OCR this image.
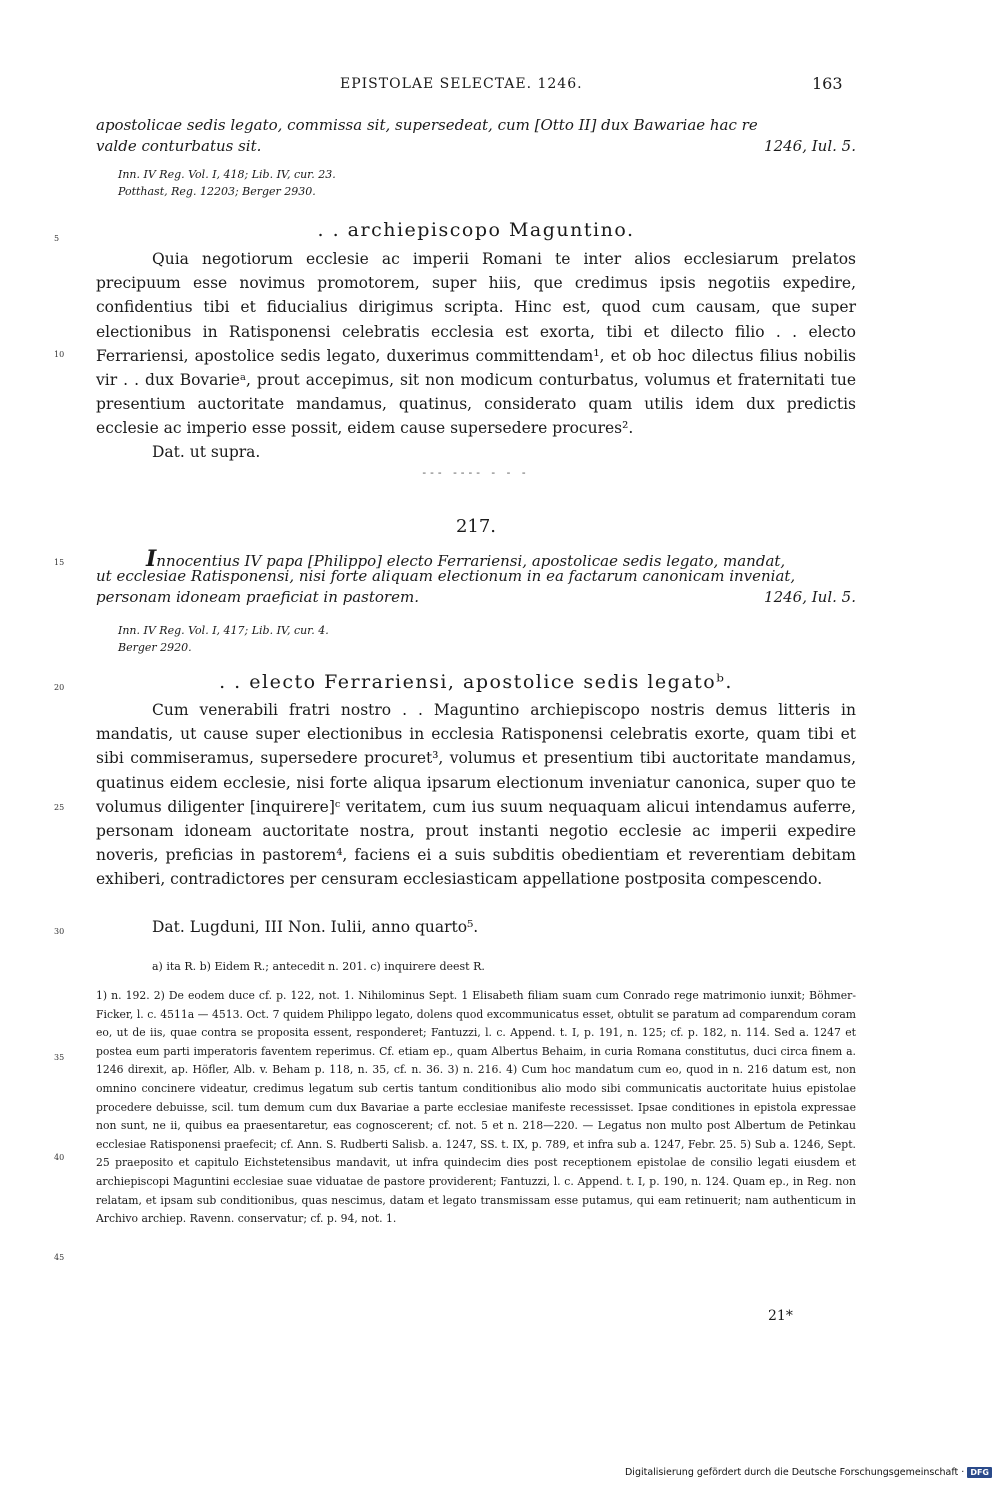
EPISTOLAE SELECTAE. 1246.	163
5
10
15
20
25
30
35
40
45
apostolicae sedis legato, commissa sit, supersedeat, cum [Otto II] dux Bawariae hac re
valde conturbatus sit.	1246, Iul. 5.
Inn. IV Reg. Vol. I, 418; Lib. IV, cur. 23.
Potthast, Reg. 12203; Berger 2930.
. . archiepiscopo Maguntino.

Quia negotiorum ecclesie ac imperii Romani te inter alios ecclesiarum prelatos precipuum esse novimus promotorem, super hiis, que credimus ipsis negotiis expedire, confidentius tibi et fiducialius dirigimus scripta. Hinc est, quod cum causam, que super electionibus in Ratisponensi celebratis ecclesia est exorta, tibi et dilecto filio . . electo Ferrariensi, apostolice sedis legato, duxerimus committendam¹, et ob hoc dilectus filius nobilis vir . . dux Bovarieᵃ, prout accepimus, sit non modicum conturbatus, volumus et fraternitati tue presentium auctoritate mandamus, quatinus, considerato quam utilis idem dux predictis ecclesie ac imperio esse possit, eidem cause supersedere procures².

Dat. ut supra.
--- ---- - - -
217.
Innocentius IV papa [Philippo] electo Ferrariensi, apostolicae sedis legato, mandat,
ut ecclesiae Ratisponensi, nisi forte aliquam electionum in ea factarum canonicam inveniat,
personam idoneam praeficiat in pastorem.	1246, Iul. 5.
Inn. IV Reg. Vol. I, 417; Lib. IV, cur. 4.
Berger 2920.
. . electo Ferrariensi, apostolice sedis legatoᵇ.

Cum venerabili fratri nostro . . Maguntino archiepiscopo nostris demus litteris in mandatis, ut cause super electionibus in ecclesia Ratisponensi celebratis exorte, quam tibi et sibi commiseramus, supersedere procuret³, volumus et presentium tibi auctoritate mandamus, quatinus eidem ecclesie, nisi forte aliqua ipsarum electionum inveniatur canonica, super quo te volumus diligenter [inquirere]ᶜ veritatem, cum ius suum nequaquam alicui intendamus auferre, personam idoneam auctoritate nostra, prout instanti negotio ecclesie ac imperii expedire noveris, preficias in pastorem⁴, faciens ei a suis subditis obedientiam et reverentiam debitam exhiberi, contradictores per censuram ecclesiasticam appellatione postposita compescendo.

Dat. Lugduni, III Non. Iulii, anno quarto⁵.
a) ita R. b) Eidem R.; antecedit n. 201. c) inquirere deest R.

1) n. 192. 2) De eodem duce cf. p. 122, not. 1. Nihilominus Sept. 1 Elisabeth filiam suam cum Conrado rege matrimonio iunxit; Böhmer-Ficker, l. c. 4511a — 4513. Oct. 7 quidem Philippo legato, dolens quod excommunicatus esset, obtulit se paratum ad comparendum coram eo, ut de iis, quae contra se proposita essent, responderet; Fantuzzi, l. c. Append. t. I, p. 191, n. 125; cf. p. 182, n. 114. Sed a. 1247 et postea eum parti imperatoris faventem reperimus. Cf. etiam ep., quam Albertus Behaim, in curia Romana constitutus, duci circa finem a. 1246 direxit, ap. Höfler, Alb. v. Beham p. 118, n. 35, cf. n. 36. 3) n. 216. 4) Cum hoc mandatum cum eo, quod in n. 216 datum est, non omnino concinere videatur, credimus legatum sub certis tantum conditionibus alio modo sibi communicatis auctoritate huius epistolae procedere debuisse, scil. tum demum cum dux Bavariae a parte ecclesiae manifeste recessisset. Ipsae conditiones in epistola expressae non sunt, ne ii, quibus ea praesentaretur, eas cognoscerent; cf. not. 5 et n. 218—220. — Legatus non multo post Albertum de Petinkau ecclesiae Ratisponensi praefecit; cf. Ann. S. Rudberti Salisb. a. 1247, SS. t. IX, p. 789, et infra sub a. 1247, Febr. 25. 5) Sub a. 1246, Sept. 25 praeposito et capitulo Eichstetensibus mandavit, ut infra quindecim dies post receptionem epistolae de consilio legati eiusdem et archiepiscopi Maguntini ecclesiae suae viduatae de pastore providerent; Fantuzzi, l. c. Append. t. I, p. 190, n. 124. Quam ep., in Reg. non relatam, et ipsam sub conditionibus, quas nescimus, datam et legato transmissam esse putamus, qui eam retinuerit; nam authenticum in Archivo archiep. Ravenn. conservatur; cf. p. 94, not. 1.

21*
Digitalisierung gefördert durch die Deutsche Forschungsgemeinschaft · DFG
